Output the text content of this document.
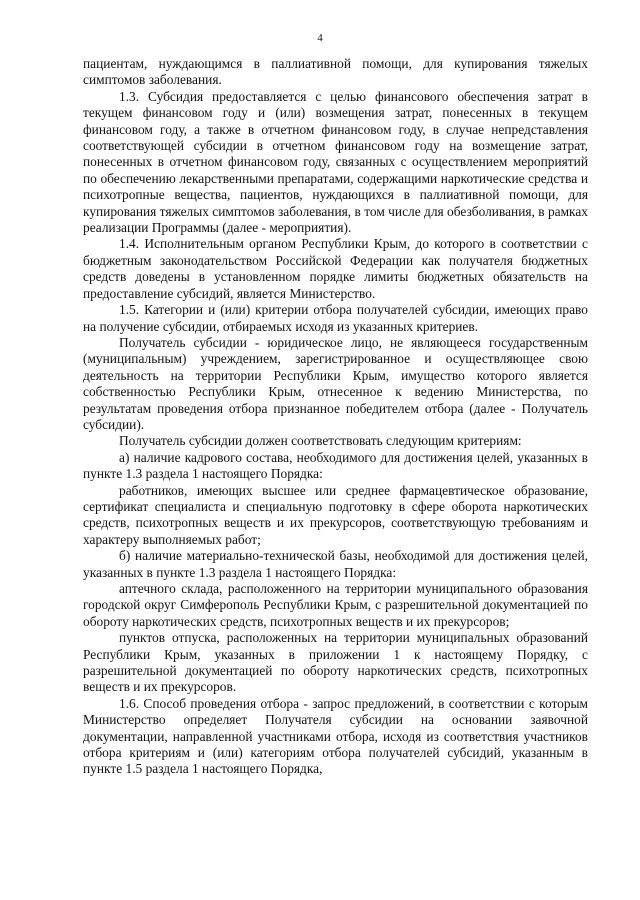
4

пациентам, нуждающимся в паллиативной помощи, для купирования тяжелых симптомов заболевания.

1.3. Субсидия предоставляется с целью финансового обеспечения затрат в текущем финансовом году и (или) возмещения затрат, понесенных в текущем финансовом году, а также в отчетном финансовом году, в случае непредставления соответствующей субсидии в отчетном финансовом году на возмещение затрат, понесенных в отчетном финансовом году, связанных с осуществлением мероприятий по обеспечению лекарственными препаратами, содержащими наркотические средства и психотропные вещества, пациентов, нуждающихся в паллиативной помощи, для купирования тяжелых симптомов заболевания, в том числе для обезболивания, в рамках реализации Программы (далее - мероприятия).

1.4. Исполнительным органом Республики Крым, до которого в соответствии с бюджетным законодательством Российской Федерации как получателя бюджетных средств доведены в установленном порядке лимиты бюджетных обязательств на предоставление субсидий, является Министерство.

1.5. Категории и (или) критерии отбора получателей субсидии, имеющих право на получение субсидии, отбираемых исходя из указанных критериев.

Получатель субсидии - юридическое лицо, не являющееся государственным (муниципальным) учреждением, зарегистрированное и осуществляющее свою деятельность на территории Республики Крым, имущество которого является собственностью Республики Крым, отнесенное к ведению Министерства, по результатам проведения отбора признанное победителем отбора (далее - Получатель субсидии).

Получатель субсидии должен соответствовать следующим критериям:

а) наличие кадрового состава, необходимого для достижения целей, указанных в пункте 1.3 раздела 1 настоящего Порядка:

работников, имеющих высшее или среднее фармацевтическое образование, сертификат специалиста и специальную подготовку в сфере оборота наркотических средств, психотропных веществ и их прекурсоров, соответствующую требованиям и характеру выполняемых работ;

б) наличие материально-технической базы, необходимой для достижения целей, указанных в пункте 1.3 раздела 1 настоящего Порядка:

аптечного склада, расположенного на территории муниципального образования городской округ Симферополь Республики Крым, с разрешительной документацией по обороту наркотических средств, психотропных веществ и их прекурсоров;

пунктов отпуска, расположенных на территории муниципальных образований Республики Крым, указанных в приложении 1 к настоящему Порядку, с разрешительной документацией по обороту наркотических средств, психотропных веществ и их прекурсоров.

1.6. Способ проведения отбора - запрос предложений, в соответствии с которым Министерство определяет Получателя субсидии на основании заявочной документации, направленной участниками отбора, исходя из соответствия участников отбора критериям и (или) категориям отбора получателей субсидий, указанным в пункте 1.5 раздела 1 настоящего Порядка,
